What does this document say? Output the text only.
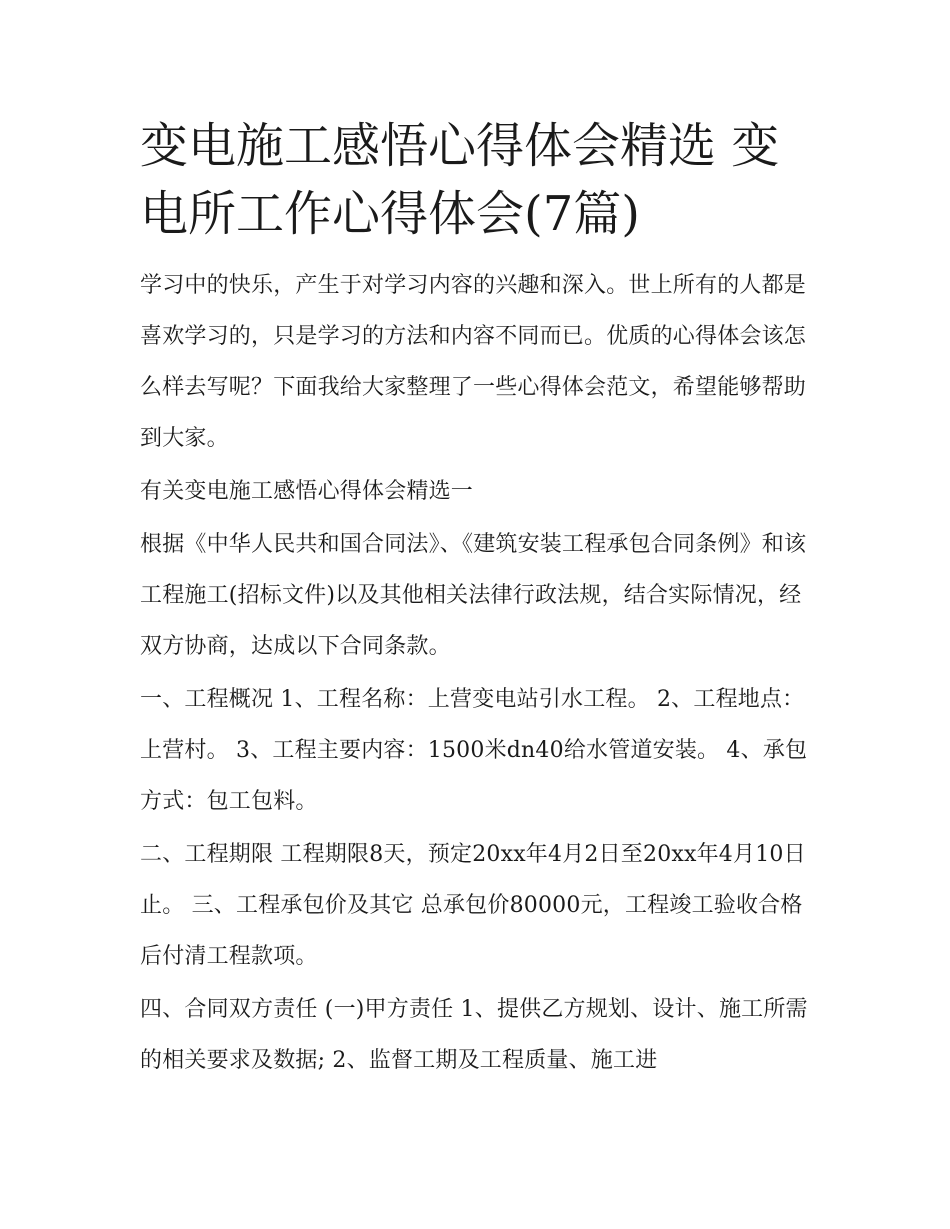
变电施工感悟心得体会精选 变电所工作心得体会(7篇)

学习中的快乐，产生于对学习内容的兴趣和深入。世上所有的人都是喜欢学习的，只是学习的方法和内容不同而已。优质的心得体会该怎么样去写呢？下面我给大家整理了一些心得体会范文，希望能够帮助到大家。

有关变电施工感悟心得体会精选一

根据《中华人民共和国合同法》、《建筑安装工程承包合同条例》和该工程施工(招标文件)以及其他相关法律行政法规，结合实际情况，经双方协商，达成以下合同条款。

一、工程概况 1、工程名称：上营变电站引水工程。 2、工程地点：上营村。 3、工程主要内容：1500米dn40给水管道安装。 4、承包方式：包工包料。

二、工程期限 工程期限8天，预定20xx年4月2日至20xx年4月10日止。 三、工程承包价及其它 总承包价80000元，工程竣工验收合格后付清工程款项。

四、合同双方责任 (一)甲方责任 1、提供乙方规划、设计、施工所需的相关要求及数据; 2、监督工期及工程质量、施工进
